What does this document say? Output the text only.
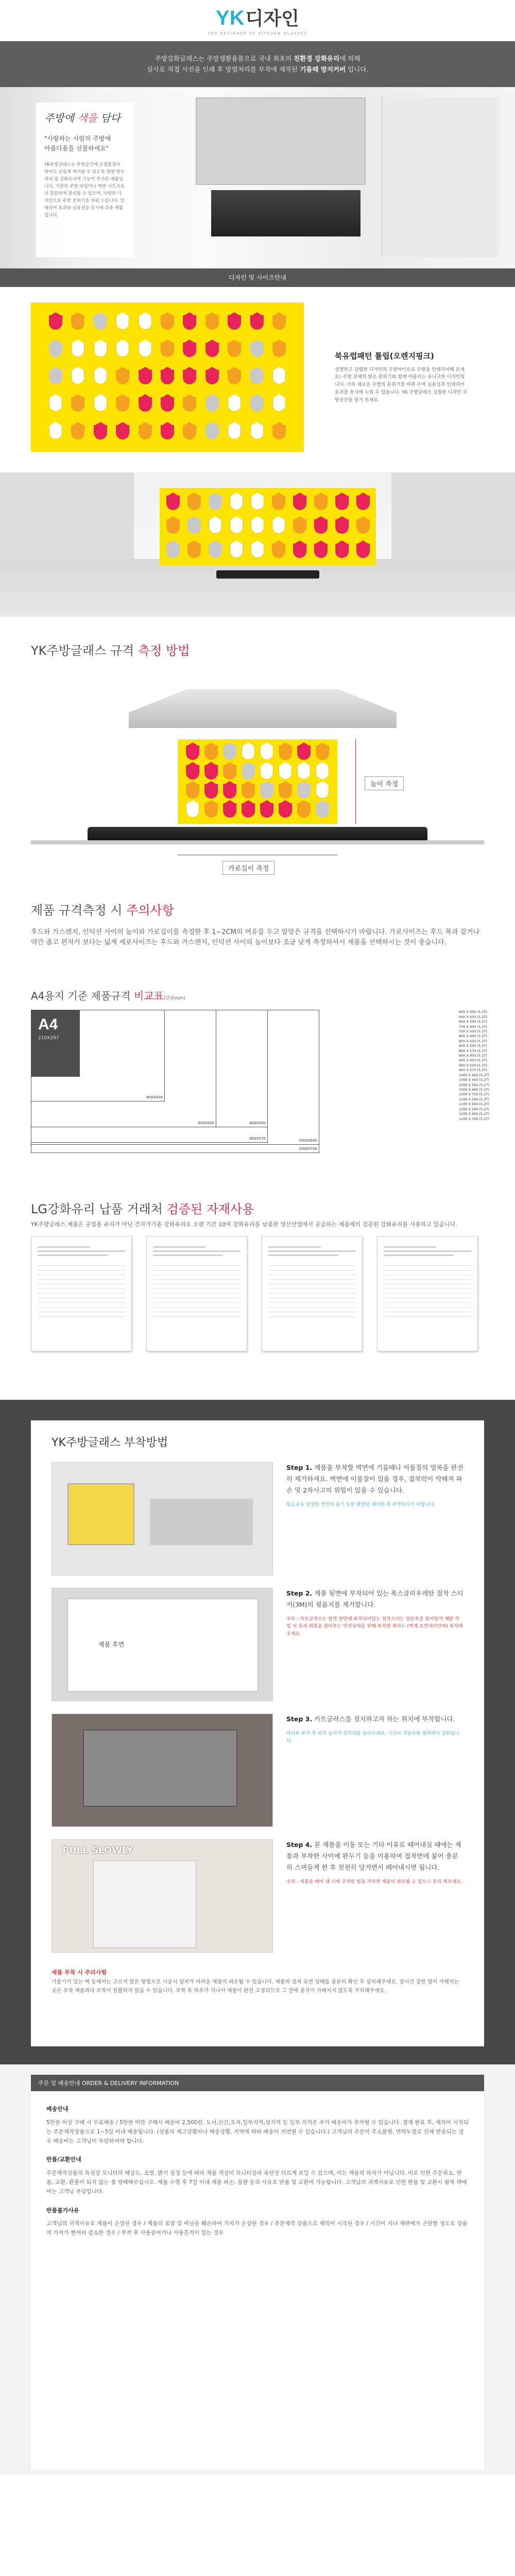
YK 디자인
THE DESIGNER OF KITCHEN GLASSES
주방강화글래스는 주방생활용품으로 국내 최초의 친환경 강화유리에 의해
실사로 직접 사진을 인쇄 후 방염처리를 부착에 제작된 기름때 방지커버 입니다.
주방에 색을 담다
"사랑하는 사람의 주방에
아름다움을 선물하세요"
YK주방글래스는 주방공간에 오염물질이 튀어도 손쉽게 제거할 수 있도록 방열·방수 처리 및 강화유리에 기능이 추가된 제품입니다. 기존의 주방 타일이나 벽면 시트지보다 깔끔하게 관리할 수 있으며, 다양한 디자인으로 주방 분위기를 바꿔 드립니다. 인테리어 효과와 실용성을 동시에 갖춘 제품입니다.
디자인 및 사이즈안내
북유럽패턴 튤립(오렌지핑크)
선명하고 강렬한 디자인의 주방마이트로 주방을 인테리어해 보세요! 주방 전체의 밝은 분위기와 함께 어울리는 유니크한 디자인입니다. 더욱 새로운 주방의 분위기를 바꿔 주며 실용성과 인테리어 효과를 동시에 누릴 수 있습니다. YK 주방글래스 심플한 디자인 주방공간을 즐겨 보세요.
YK주방글래스 규격 측정 방법
높이 측정
가로길이 측정
제품 규격측정 시 주의사항
후드와 가스렌지, 인덕션 사이의 높이와 가로길이를 측정한 후 1~2CM의 여유를 두고 알맞은 규격을 선택하시기 바랍니다. 가로사이즈는 후드 폭과 같거나 약간 좁고 편차가 보다는 넓게 세로사이즈는 후드와 가스렌지, 인덕션 사이의 높이보다 조금 낮게 측정하셔서 제품을 선택하시는 것이 좋습니다.
A4용지 기준 제품규격 비교표(단위mm)
600X400
600X500	800X500
800X570	1000X600
1000X700
A4
210X297
600 X 400 (5.2T)
600 X 450 (5.2T)
600 X 500 (5.2T)
700 X 400 (5.2T)
700 X 500 (5.2T)
800 X 400 (5.2T)
800 X 450 (5.2T)
800 X 500 (5.2T)
800 X 570 (5.2T)
900 X 400 (5.2T)
900 X 450 (5.2T)
900 X 500 (5.2T)
900 X 570 (5.2T)
1000 X 400 (5.2T)
1000 X 450 (5.2T)
1000 X 500 (5.2T)
1000 X 600 (5.2T)
1000 X 700 (5.2T)
1100 X 500 (5.2T)
1100 X 600 (5.2T)
1200 X 500 (5.2T)
1200 X 600 (5.2T)
1200 X 700 (5.2T)
LG강화유리 납품 거래처 검증된 자재사용
YK주방글래스 제품은 공업용 유리가 아닌 건자가기용 강화유리로 오랜 기간 10여 강화유리를 납품한 영산산업에서 공급하는 제품에의 검증된 강화유리를 사용하고 있습니다.
YK주방글래스 부착방법
Step 1. 제품을 부착할 벽면에 기름때나 이물질의 얼룩을 완전히 제거하세요. 벽면에 이물질이 있을 경우, 접착력이 약해져 파손 및 2차사고의 위험이 있을 수 있습니다.
특도교을 양생한 벽면의 물기 또한 완전히 제거한 후 부착하시기 바랍니다.
제품 후면
Step 2. 제품 뒷면에 부착되어 있는 폭스클리우레탄 접착 스티커(3M)의 필름지를 제거합니다.
주의 : 카트글라스는 알면 양면에 부착되어있는 접착스티는 양손꼭을 끌어당겨 제발 작업 시 유리 위쪽을 잡아주는 안전상태를 위해 부착한 위치는 (벽체 표면처리안에) 위치해주세요.
Step 3. 카트글라스를 설치하고자 하는 위치에 부착합니다.
하단부 부착 후 위쪽 높이서 접착되를 눌러주세요. 시간이 지남수록 접착력이 강화됩니다.
PULL SLOWLY
Step 4. 본 제품을 이동 또는 기타 이유로 떼어내실 때에는 제품과 부착한 사이에 완두기 등을 이용하여 접착면에 붙어 충분히 스며들게 한 후 천천히 당겨면서 떼어내시면 됩니다.
주의 : 제품을 떼어 낼 시에 무리한 힘을 가하면 제품이 파손될 수 있으니 유의 해주세요.
제품 부착 시 주의사항
기울기가 있는 벽 등에서는 고르지 않은 방법으로 시공시 설치가 어려운 제품이 파손될 수 있습니다. 제품의 설치 표면 상태를 충분히 확인 후 설치해주세요. 장시간 강한 열이 가해지는 곳은 부착 제품과의 부착이 원활하지 않을 수 있습니다. 부착 후 하루가 지나야 제품이 완전 고정되므로 그 전에 충격이 가해지지 않도록 주의해주세요.
주문 및 배송안내 ORDER & DELIVERY INFORMATION
배송안내

5만원 이상 구매 시 무료배송 / 5만원 미만 구매시 배송비 2,500원. 도서,산간,오지,일부지역,섬지역 등 일부 지역은 추가 배송비가 추가될 수 있습니다. 결제 완료 후, 제작이 시작되는 주문제작상품으로 1~5일 이내 배송됩니다. (상품의 재고상황이나 배송상황, 지역에 따라 배송이 지연될 수 있습니다.) 고객님의 주문이 주소불명, 연락두절로 인해 반송되는 경우 배송비는 고객님이 부담하셔야 합니다.

반품/교환안내

주문제작상품의 특성상 모니터의 해상도, 조명, 밝기 설정 등에 따라 제품 색상이 모니터상과 육안상 다르게 보일 수 있으며, 이는 제품의 하자가 아닙니다. 이로 인한 주문취소, 반품, 교환, 환불이 되지 않는 점 양해해주십시오. 제품 수령 후 7일 이내 제품 파손, 불량 등의 사유로 반품 및 교환이 가능합니다. 고객님의 귀책사유로 인한 반품 및 교환시 왕복 택배비는 고객님 부담입니다.

반품불가사유

고객님의 귀책사유로 제품이 손상된 경우 / 제품의 포장 및 비닐을 훼손하여 가치가 손상된 경우 / 주문제작 상품으로 제작이 시작된 경우 / 시간이 지나 재판매가 곤란할 정도로 상품의 가치가 현저히 감소한 경우 / 부착 후 사용중이거나 사용흔적이 있는 경우
